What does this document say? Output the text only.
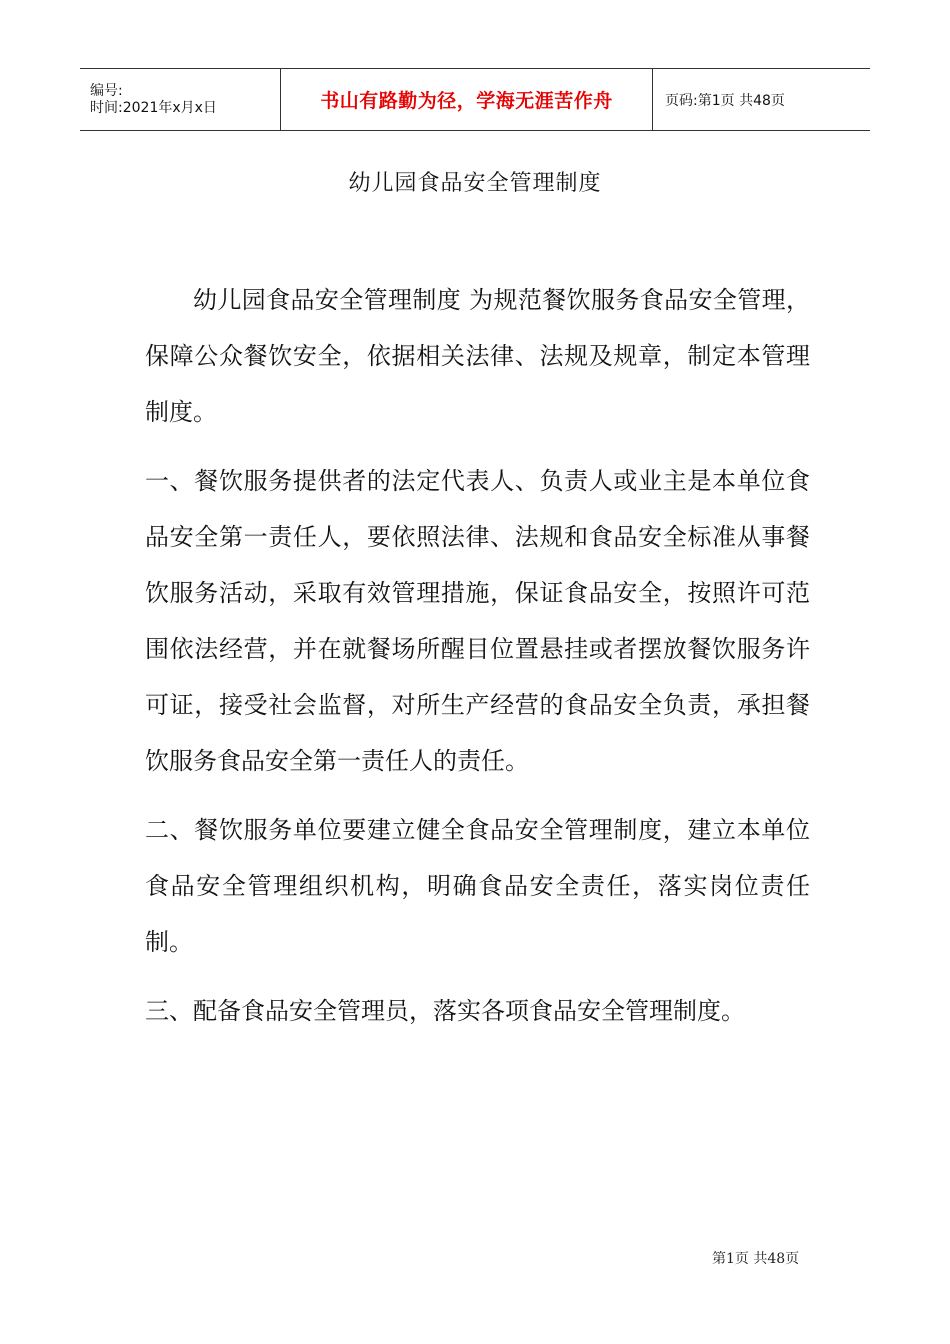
编号:
时间:2021年x月x日	书山有路勤为径，学海无涯苦作舟	页码:第1页 共48页
幼儿园食品安全管理制度

幼儿园食品安全管理制度 为规范餐饮服务食品安全管理，保障公众餐饮安全，依据相关法律、法规及规章，制定本管理制度。

一、餐饮服务提供者的法定代表人、负责人或业主是本单位食品安全第一责任人，要依照法律、法规和食品安全标准从事餐饮服务活动，采取有效管理措施，保证食品安全，按照许可范围依法经营，并在就餐场所醒目位置悬挂或者摆放餐饮服务许可证，接受社会监督，对所生产经营的食品安全负责，承担餐饮服务食品安全第一责任人的责任。

二、餐饮服务单位要建立健全食品安全管理制度，建立本单位食品安全管理组织机构，明确食品安全责任，落实岗位责任制。

三、配备食品安全管理员，落实各项食品安全管理制度。

第1页 共48页
